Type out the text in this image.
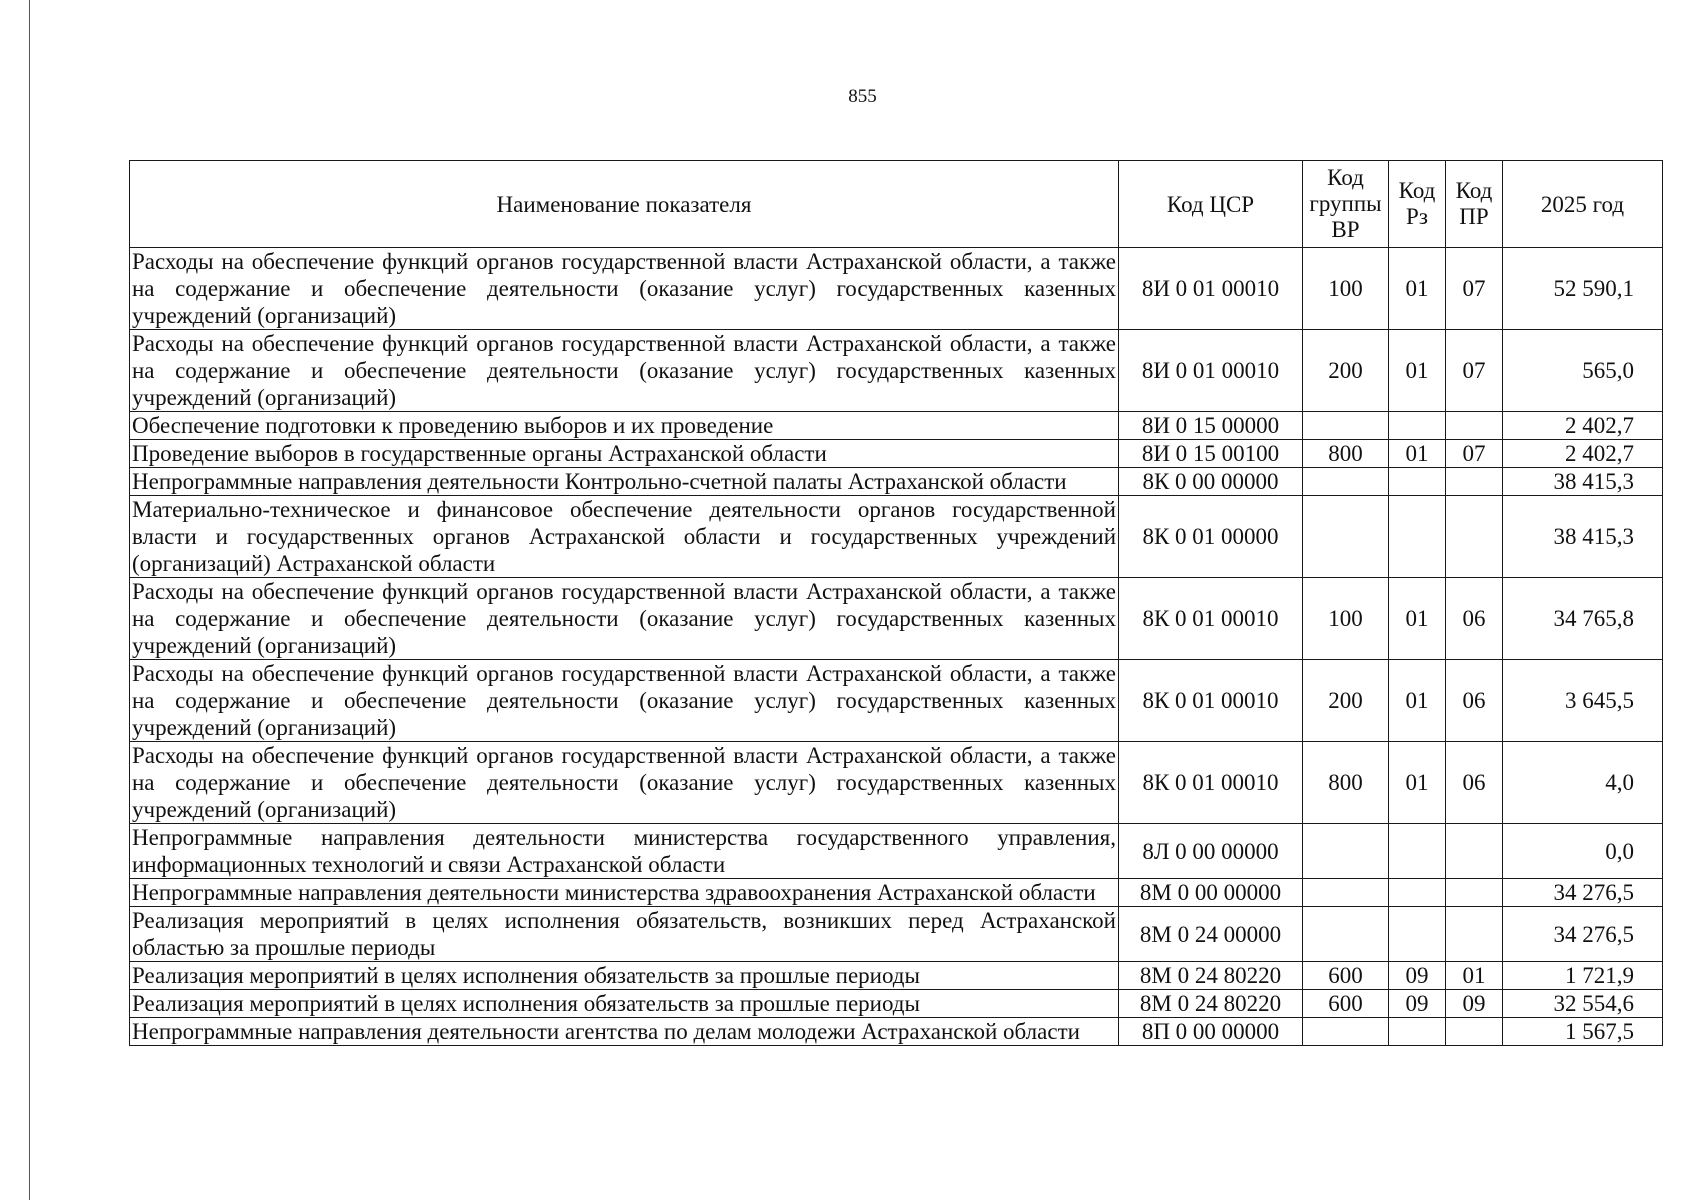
855
Наименование показателя	Код ЦСР	Код группы ВР	Код Рз	Код ПР	2025 год
Расходы на обеспечение функций органов государственной власти Астраханской области, а также на содержание и обеспечение деятельности (оказание услуг) государственных казенных учреждений (организаций)	8И 0 01 00010	100	01	07	52 590,1
Расходы на обеспечение функций органов государственной власти Астраханской области, а также на содержание и обеспечение деятельности (оказание услуг) государственных казенных учреждений (организаций)	8И 0 01 00010	200	01	07	565,0
Обеспечение подготовки к проведению выборов и их проведение	8И 0 15 00000				2 402,7
Проведение выборов в государственные органы Астраханской области	8И 0 15 00100	800	01	07	2 402,7
Непрограммные направления деятельности Контрольно-счетной палаты Астраханской области	8К 0 00 00000				38 415,3
Материально-техническое и финансовое обеспечение деятельности органов государственной власти и государственных органов Астраханской области и государственных учреждений (организаций) Астраханской области	8К 0 01 00000				38 415,3
Расходы на обеспечение функций органов государственной власти Астраханской области, а также на содержание и обеспечение деятельности (оказание услуг) государственных казенных учреждений (организаций)	8К 0 01 00010	100	01	06	34 765,8
Расходы на обеспечение функций органов государственной власти Астраханской области, а также на содержание и обеспечение деятельности (оказание услуг) государственных казенных учреждений (организаций)	8К 0 01 00010	200	01	06	3 645,5
Расходы на обеспечение функций органов государственной власти Астраханской области, а также на содержание и обеспечение деятельности (оказание услуг) государственных казенных учреждений (организаций)	8К 0 01 00010	800	01	06	4,0
Непрограммные направления деятельности министерства государственного управления, информационных технологий и связи Астраханской области	8Л 0 00 00000				0,0
Непрограммные направления деятельности министерства здравоохранения Астраханской области	8М 0 00 00000				34 276,5
Реализация мероприятий в целях исполнения обязательств, возникших перед Астраханской областью за прошлые периоды	8М 0 24 00000				34 276,5
Реализация мероприятий в целях исполнения обязательств за прошлые периоды	8М 0 24 80220	600	09	01	1 721,9
Реализация мероприятий в целях исполнения обязательств за прошлые периоды	8М 0 24 80220	600	09	09	32 554,6
Непрограммные направления деятельности агентства по делам молодежи Астраханской области	8П 0 00 00000				1 567,5
